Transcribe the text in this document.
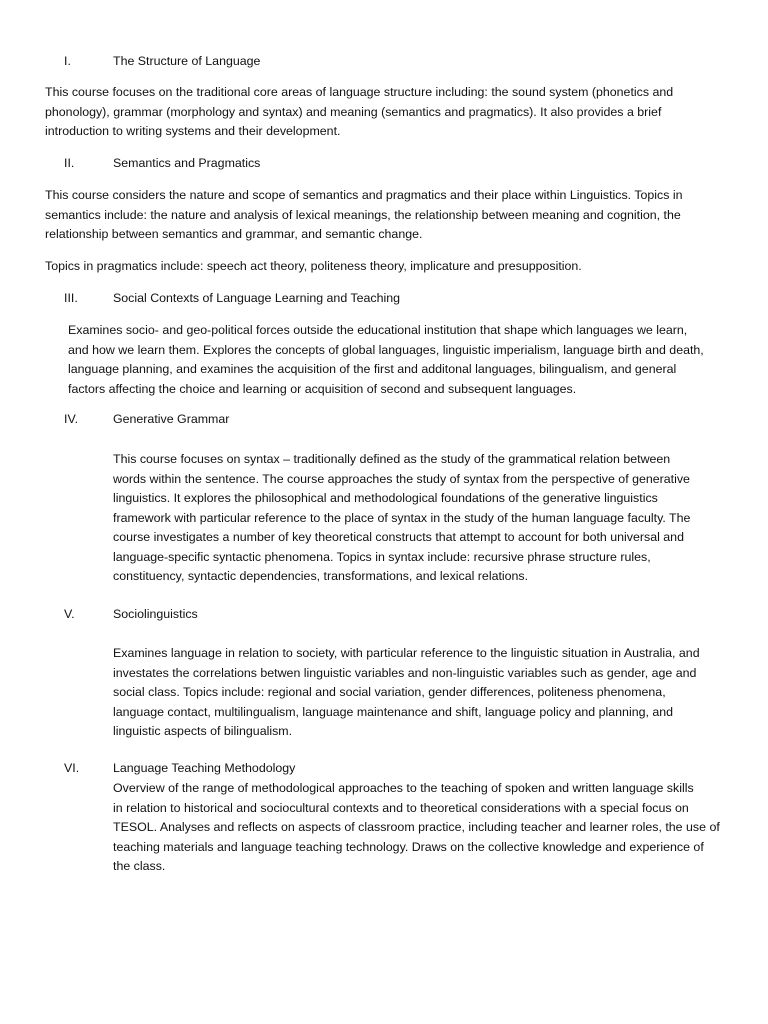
I.	The Structure of Language
This course focuses on the traditional core areas of language structure including: the sound system (phonetics and
phonology), grammar (morphology and syntax) and meaning (semantics and pragmatics). It also provides a brief
introduction to writing systems and their development.
II.	Semantics and Pragmatics
This course considers the nature and scope of semantics and pragmatics and their place within Linguistics. Topics in
semantics include: the nature and analysis of lexical meanings, the relationship between meaning and cognition, the
relationship between semantics and grammar, and semantic change.
Topics in pragmatics include: speech act theory, politeness theory, implicature and presupposition.
III.	Social Contexts of Language Learning and Teaching
Examines socio- and geo-political forces outside the educational institution that shape which languages we learn,
and how we learn them. Explores the concepts of global languages, linguistic imperialism, language birth and death,
language planning, and examines the acquisition of the first and additonal languages, bilingualism, and general
factors affecting the choice and learning or acquisition of second and subsequent languages.
IV.	Generative Grammar
This course focuses on syntax – traditionally defined as the study of the grammatical relation between
words within the sentence. The course approaches the study of syntax from the perspective of generative
linguistics. It explores the philosophical and methodological foundations of the generative linguistics
framework with particular reference to the place of syntax in the study of the human language faculty. The
course investigates a number of key theoretical constructs that attempt to account for both universal and
language-specific syntactic phenomena. Topics in syntax include: recursive phrase structure rules,
constituency, syntactic dependencies, transformations, and lexical relations.
V.	Sociolinguistics
Examines language in relation to society, with particular reference to the linguistic situation in Australia, and
investates the correlations betwen linguistic variables and non-linguistic variables such as gender, age and
social class. Topics include: regional and social variation, gender differences, politeness phenomena,
language contact, multilingualism, language maintenance and shift, language policy and planning, and
linguistic aspects of bilingualism.
VI.	Language Teaching Methodology
Overview of the range of methodological approaches to the teaching of spoken and written language skills
in relation to historical and sociocultural contexts and to theoretical considerations with a special focus on
TESOL. Analyses and reflects on aspects of classroom practice, including teacher and learner roles, the use of
teaching materials and language teaching technology. Draws on the collective knowledge and experience of
the class.
